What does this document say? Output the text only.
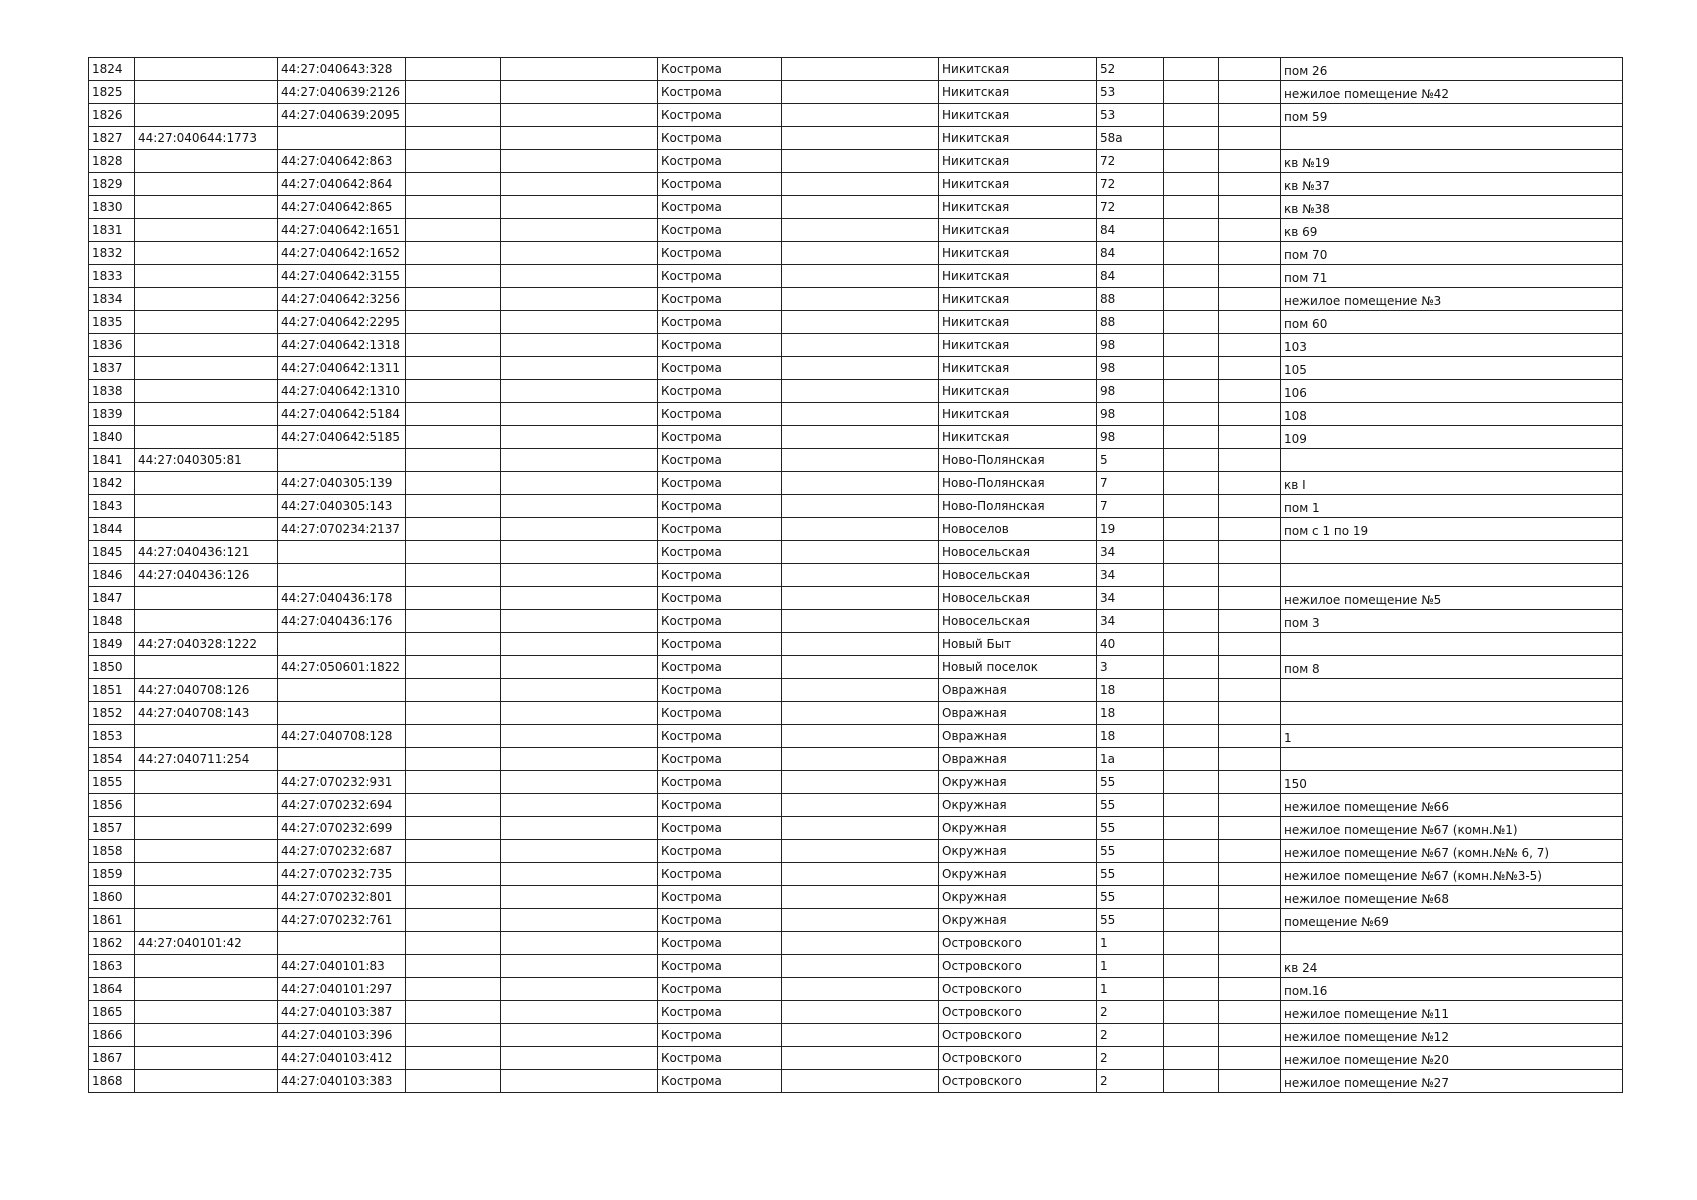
1824		44:27:040643:328			Кострома		Никитская	52			пом 26
1825		44:27:040639:2126			Кострома		Никитская	53			нежилое помещение №42
1826		44:27:040639:2095			Кострома		Никитская	53			пом 59
1827	44:27:040644:1773				Кострома		Никитская	58а			
1828		44:27:040642:863			Кострома		Никитская	72			кв №19
1829		44:27:040642:864			Кострома		Никитская	72			кв №37
1830		44:27:040642:865			Кострома		Никитская	72			кв №38
1831		44:27:040642:1651			Кострома		Никитская	84			кв 69
1832		44:27:040642:1652			Кострома		Никитская	84			пом 70
1833		44:27:040642:3155			Кострома		Никитская	84			пом 71
1834		44:27:040642:3256			Кострома		Никитская	88			нежилое помещение №3
1835		44:27:040642:2295			Кострома		Никитская	88			пом 60
1836		44:27:040642:1318			Кострома		Никитская	98			103
1837		44:27:040642:1311			Кострома		Никитская	98			105
1838		44:27:040642:1310			Кострома		Никитская	98			106
1839		44:27:040642:5184			Кострома		Никитская	98			108
1840		44:27:040642:5185			Кострома		Никитская	98			109
1841	44:27:040305:81				Кострома		Ново-Полянская	5			
1842		44:27:040305:139			Кострома		Ново-Полянская	7			кв I
1843		44:27:040305:143			Кострома		Ново-Полянская	7			пом 1
1844		44:27:070234:2137			Кострома		Новоселов	19			пом с 1 по 19
1845	44:27:040436:121				Кострома		Новосельская	34			
1846	44:27:040436:126				Кострома		Новосельская	34			
1847		44:27:040436:178			Кострома		Новосельская	34			нежилое помещение №5
1848		44:27:040436:176			Кострома		Новосельская	34			пом 3
1849	44:27:040328:1222				Кострома		Новый Быт	40			
1850		44:27:050601:1822			Кострома		Новый поселок	3			пом 8
1851	44:27:040708:126				Кострома		Овражная	18			
1852	44:27:040708:143				Кострома		Овражная	18			
1853		44:27:040708:128			Кострома		Овражная	18			1
1854	44:27:040711:254				Кострома		Овражная	1а			
1855		44:27:070232:931			Кострома		Окружная	55			150
1856		44:27:070232:694			Кострома		Окружная	55			нежилое помещение №66
1857		44:27:070232:699			Кострома		Окружная	55			нежилое помещение №67 (комн.№1)
1858		44:27:070232:687			Кострома		Окружная	55			нежилое помещение №67 (комн.№№ 6, 7)
1859		44:27:070232:735			Кострома		Окружная	55			нежилое помещение №67 (комн.№№3-5)
1860		44:27:070232:801			Кострома		Окружная	55			нежилое помещение №68
1861		44:27:070232:761			Кострома		Окружная	55			помещение №69
1862	44:27:040101:42				Кострома		Островского	1			
1863		44:27:040101:83			Кострома		Островского	1			кв 24
1864		44:27:040101:297			Кострома		Островского	1			пом.16
1865		44:27:040103:387			Кострома		Островского	2			нежилое помещение №11
1866		44:27:040103:396			Кострома		Островского	2			нежилое помещение №12
1867		44:27:040103:412			Кострома		Островского	2			нежилое помещение №20
1868		44:27:040103:383			Кострома		Островского	2			нежилое помещение №27
